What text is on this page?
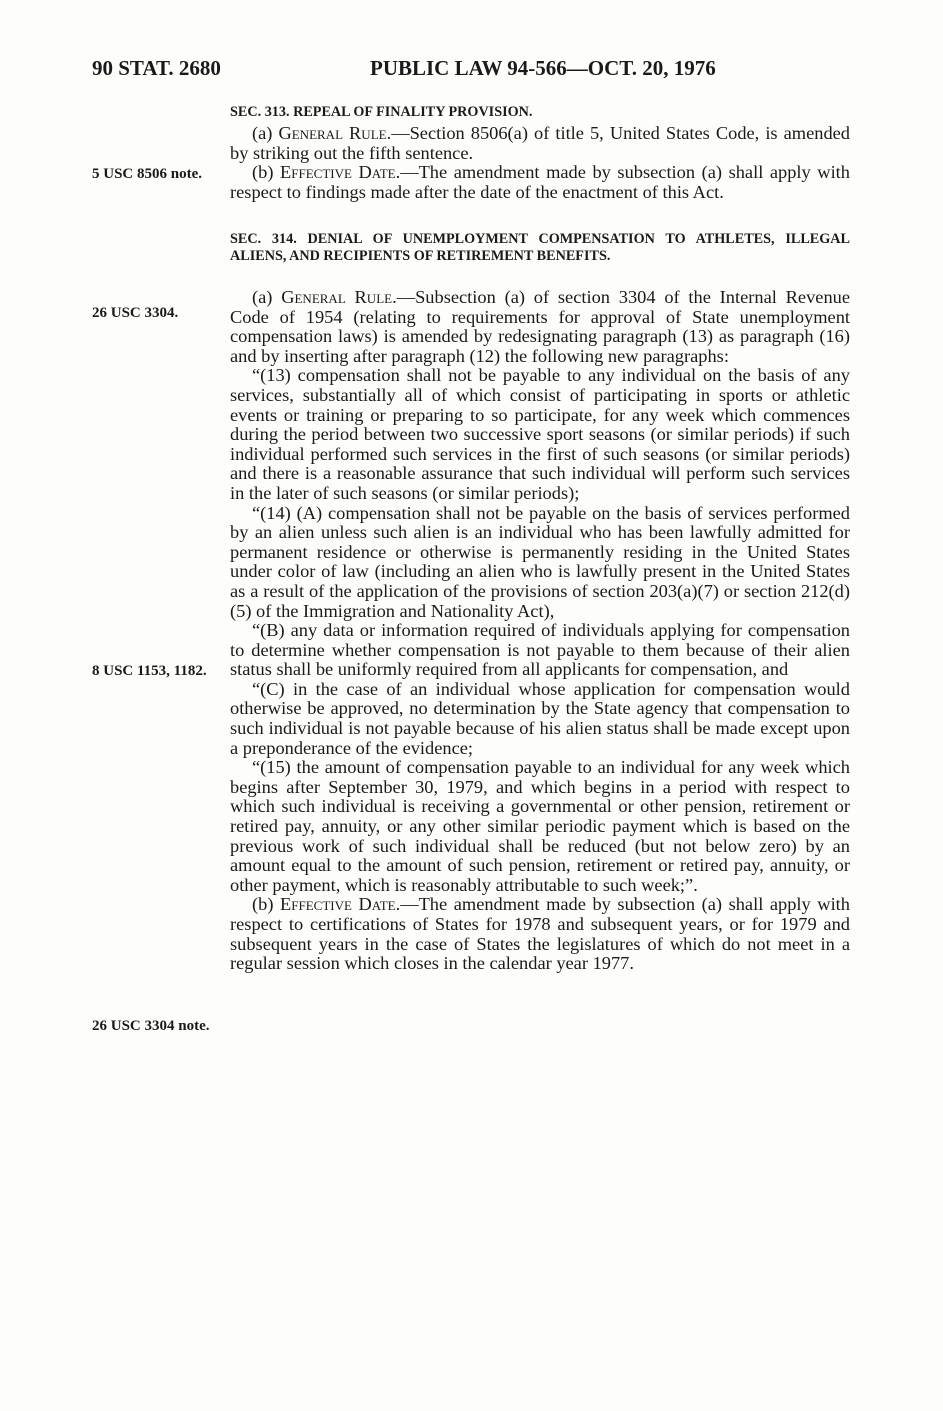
90 STAT. 2680	PUBLIC LAW 94-566—OCT. 20, 1976
SEC. 313. REPEAL OF FINALITY PROVISION.

(a) General Rule.—Section 8506(a) of title 5, United States Code, is amended by striking out the fifth sentence.

(b) Effective Date.—The amendment made by subsection (a) shall apply with respect to findings made after the date of the enactment of this Act.

5 USC 8506 note.
SEC. 314. DENIAL OF UNEMPLOYMENT COMPENSATION TO ATHLETES, ILLEGAL ALIENS, AND RECIPIENTS OF RETIREMENT BENEFITS.
26 USC 3304.
8 USC 1153, 1182.
26 USC 3304 note.

(a) General Rule.—Subsection (a) of section 3304 of the Internal Revenue Code of 1954 (relating to requirements for approval of State unemployment compensation laws) is amended by redesignating paragraph (13) as paragraph (16) and by inserting after paragraph (12) the following new paragraphs:

“(13) compensation shall not be payable to any individual on the basis of any services, substantially all of which consist of participating in sports or athletic events or training or preparing to so participate, for any week which commences during the period between two successive sport seasons (or similar periods) if such individual performed such services in the first of such seasons (or similar periods) and there is a reasonable assurance that such individual will perform such services in the later of such seasons (or similar periods);

“(14) (A) compensation shall not be payable on the basis of services performed by an alien unless such alien is an individual who has been lawfully admitted for permanent residence or otherwise is permanently residing in the United States under color of law (including an alien who is lawfully present in the United States as a result of the application of the provisions of section 203(a)(7) or section 212(d)(5) of the Immigration and Nationality Act),

“(B) any data or information required of individuals applying for compensation to determine whether compensation is not payable to them because of their alien status shall be uniformly required from all applicants for compensation, and

“(C) in the case of an individual whose application for compensation would otherwise be approved, no determination by the State agency that compensation to such individual is not payable because of his alien status shall be made except upon a preponderance of the evidence;

“(15) the amount of compensation payable to an individual for any week which begins after September 30, 1979, and which begins in a period with respect to which such individual is receiving a governmental or other pension, retirement or retired pay, annuity, or any other similar periodic payment which is based on the previous work of such individual shall be reduced (but not below zero) by an amount equal to the amount of such pension, retirement or retired pay, annuity, or other payment, which is reasonably attributable to such week;”.

(b) Effective Date.—The amendment made by subsection (a) shall apply with respect to certifications of States for 1978 and subsequent years, or for 1979 and subsequent years in the case of States the legislatures of which do not meet in a regular session which closes in the calendar year 1977.
